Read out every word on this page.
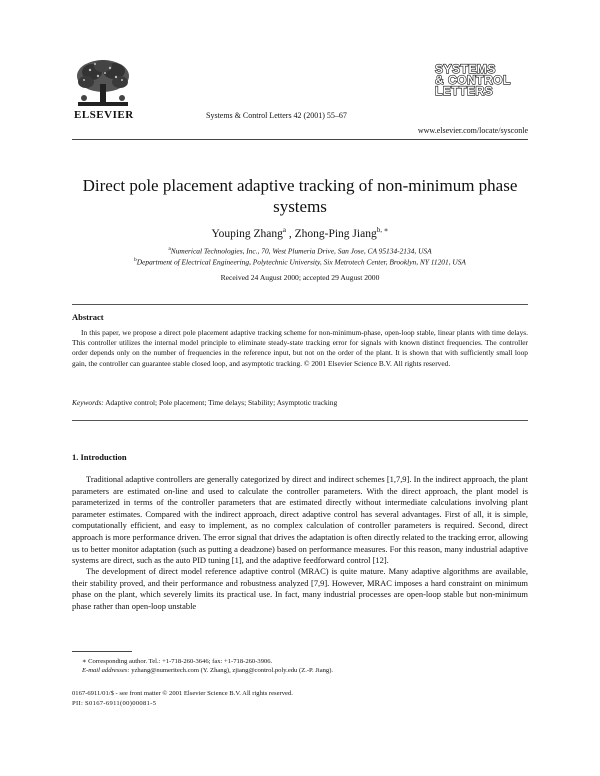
ELSEVIER	Systems & Control Letters 42 (2001) 55–67
SYSTEMS
& CONTROL
LETTERS
www.elsevier.com/locate/sysconle
Direct pole placement adaptive tracking of non-minimum phase systems
Youping Zhang$^a$ , Zhong-Ping Jiang$^{b, ∗}$
$^a$Numerical Technologies, Inc., 70, West Plumeria Drive, San Jose, CA 95134-2134, USA
$^b$Department of Electrical Engineering, Polytechnic University, Six Metrotech Center, Brooklyn, NY 11201, USA
Received 24 August 2000; accepted 29 August 2000
Abstract
In this paper, we propose a direct pole placement adaptive tracking scheme for non-minimum-phase, open-loop stable, linear plants with time delays. This controller utilizes the internal model principle to eliminate steady-state tracking error for signals with known distinct frequencies. The controller order depends only on the number of frequencies in the reference input, but not on the order of the plant. It is shown that with sufficiently small loop gain, the controller can guarantee stable closed loop, and asymptotic tracking. © 2001 Elsevier Science B.V. All rights reserved.
Keywords: Adaptive control; Pole placement; Time delays; Stability; Asymptotic tracking
1. Introduction
Traditional adaptive controllers are generally categorized by direct and indirect schemes [1,7,9]. In the indirect approach, the plant parameters are estimated on-line and used to calculate the controller parameters. With the direct approach, the plant model is parameterized in terms of the controller parameters that are estimated directly without intermediate calculations involving plant parameter estimates. Compared with the indirect approach, direct adaptive control has several advantages. First of all, it is simple, computationally efficient, and easy to implement, as no complex calculation of controller parameters is required. Second, direct approach is more performance driven. The error signal that drives the adaptation is often directly related to the tracking error, allowing us to better monitor adaptation (such as putting a deadzone) based on performance measures. For this reason, many industrial adaptive systems are direct, such as the auto PID tuning [1], and the adaptive feedforward control [12].
The development of direct model reference adaptive control (MRAC) is quite mature. Many adaptive algorithms are available, their stability proved, and their performance and robustness analyzed [7,9]. However, MRAC imposes a hard constraint on minimum phase on the plant, which severely limits its practical use. In fact, many industrial processes are open-loop stable but non-minimum phase rather than open-loop unstable
∗ Corresponding author. Tel.: +1-718-260-3646; fax: +1-718-260-3906.
E-mail addresses: yzhang@numeritech.com (Y. Zhang), zjiang@control.poly.edu (Z.-P. Jiang).
0167-6911/01/$ - see front matter © 2001 Elsevier Science B.V. All rights reserved.
PII: S0167-6911(00)00081-5
